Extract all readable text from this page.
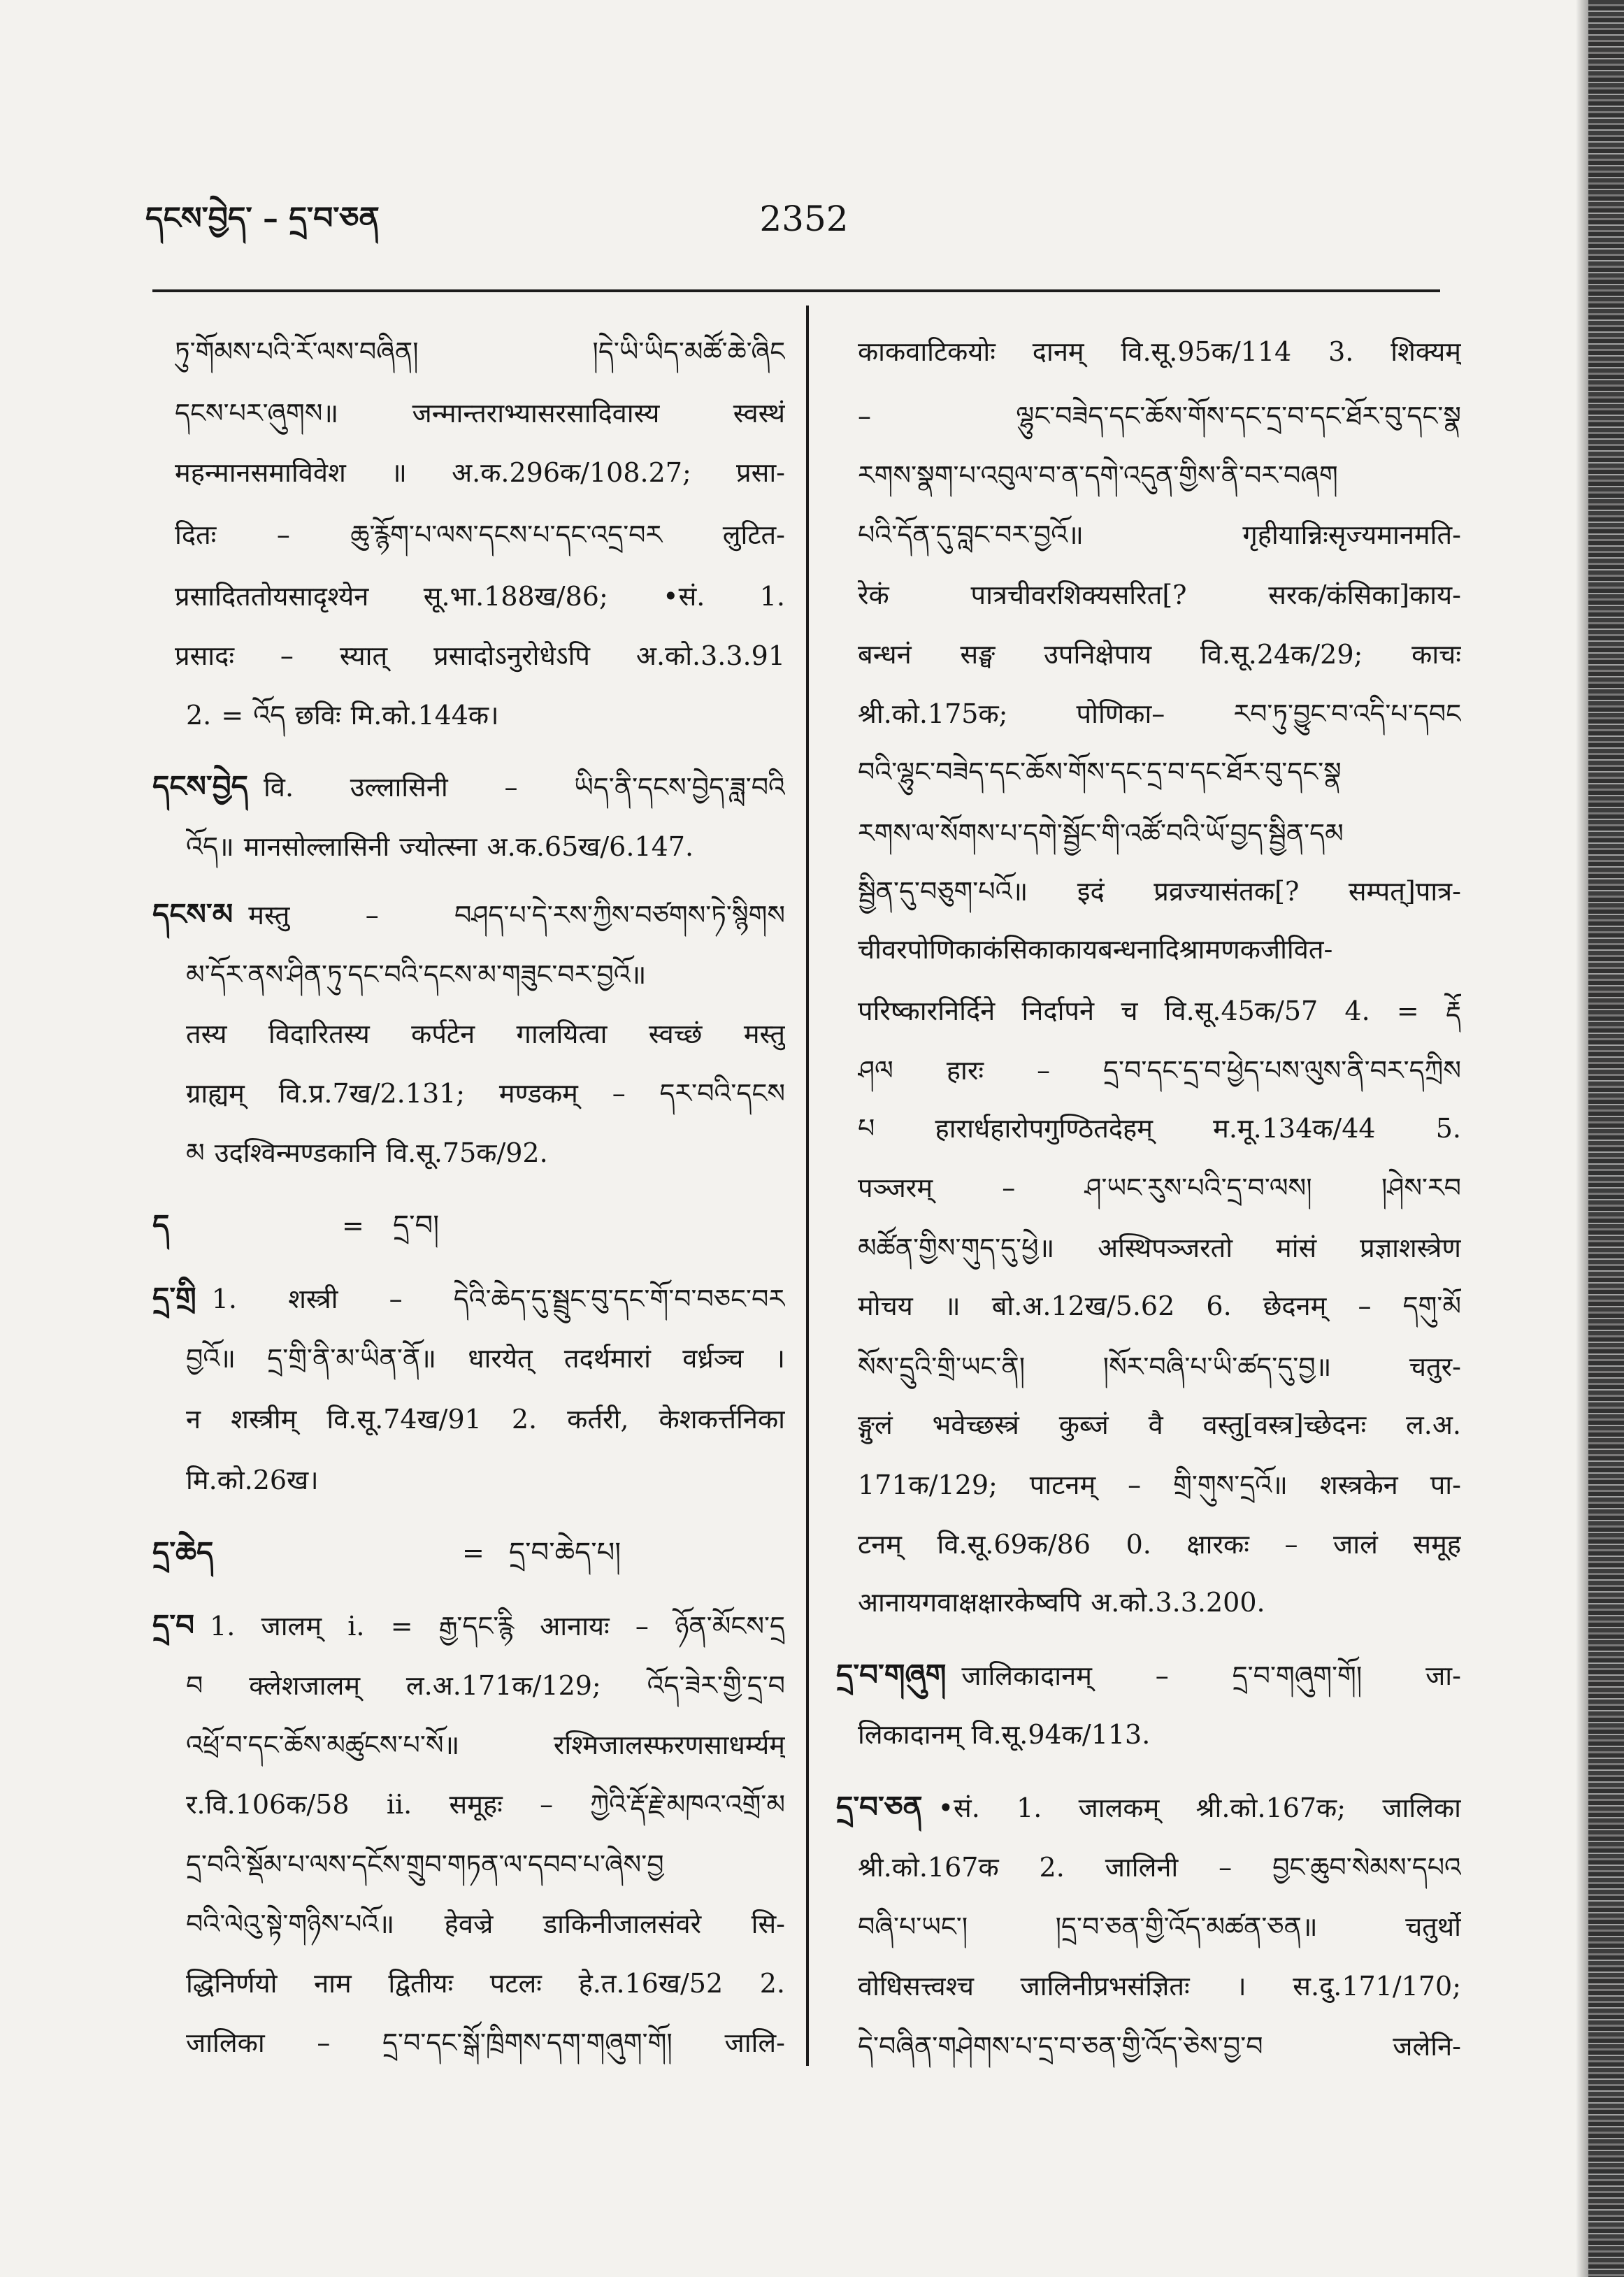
དངས་བྱེད་ – དྲ་བ་ཅན	2352
ཏུ་གོམས་པའི་རོ་ལས་བཞིན། །དེ་ཡི་ཡིད་མཚོ་ཆེ་ཞིང
དངས་པར་ཞུགས॥ जन्मान्तराभ्यासरसादिवास्य स्वस्थं
महन्मानसमाविवेश ॥ अ.क.296क/108.27; प्रसा-
दितः – ཆུ་རྙོག་པ་ལས་དངས་པ་དང་འདྲ་བར लुटित-
प्रसादिततोयसादृश्येन सू.भा.188ख/86; •सं. 1.
प्रसादः – स्यात् प्रसादोऽनुरोधेऽपि अ.को.3.3.91
2. = འོད छविः मि.को.144क।
དངས་བྱེད वि. उल्लासिनी – ཡིད་ནི་དངས་བྱེད་ཟླ་བའི
འོད॥ मानसोल्लासिनी ज्योत्स्ना अ.क.65ख/6.147.
དངས་མ मस्तु – བཤད་པ་དེ་རས་ཀྱིས་བཙགས་ཏེ་སྙིགས
མ་དོར་ནས་ཤིན་ཏུ་དང་བའི་དངས་མ་གཟུང་བར་བྱའོ॥
तस्य विदारितस्य कर्पटेन गालयित्वा स्वच्छं मस्तु
ग्राह्यम् वि.प्र.7ख/2.131; मण्डकम् – དར་བའི་དངས
མ उदश्विन्मण्डकानि वि.सू.75क/92.
ད	= དྲ་བ།
དྲ་གྲི 1. शस्त्री – དེའི་ཆེད་དུ་སྦྲུང་བུ་དང་གོ་བ་བཅང་བར
བྱའོ॥ དྲ་གྲི་ནི་མ་ཡིན་ནོ॥ धारयेत् तदर्थमारां वर्ध्रञ्च ।
न शस्त्रीम् वि.सू.74ख/91 2. कर्तरी, केशकर्त्तनिका
मि.को.26ख।
དྲ་ཆེད	= དྲ་བ་ཆེད་པ།
དྲ་བ 1. जालम् i. = རྒྱ་དང་རྙི आनायः – ཉོན་མོངས་དྲ
བ क्लेशजालम् ल.अ.171क/129; འོད་ཟེར་གྱི་དྲ་བ
འཕྲོ་བ་དང་ཆོས་མཚུངས་པ་སོ॥ रश्मिजालस्फरणसाधर्म्यम्
र.वि.106क/58 ii. समूहः – ཀྱེའི་རྡོ་རྗེ་མཁའ་འགྲོ་མ
དྲ་བའི་སྡོམ་པ་ལས་དངོས་གྲུབ་གཏན་ལ་དབབ་པ་ཞེས་བྱ
བའི་ལེའུ་སྟེ་གཉིས་པའོ॥ हेवज्रे डाकिनीजालसंवरे सि-
द्धिनिर्णयो नाम द्वितीयः पटलः हे.त.16ख/52 2.
जालिका – དྲ་བ་དང་སྒོ་ཁྲིགས་དག་གཞུག་གོ། जालि-
काकवाटिकयोः दानम् वि.सू.95क/114 3. शिक्यम्
– ལྷུང་བཟེད་དང་ཆོས་གོས་དང་དྲ་བ་དང་ཐོར་བུ་དང་སྣ
རགས་སྣག་པ་འབུལ་བ་ན་དགེ་འདུན་གྱིས་ནི་བར་བཞག
པའི་དོན་དུ་བླང་བར་བྱའོ॥ गृहीयान्निःसृज्यमानमति-
रेकं पात्रचीवरशिक्यसरित[? सरक/कंसिका]काय-
बन्धनं सङ्घ उपनिक्षेपाय वि.सू.24क/29; काचः
श्री.को.175क; पोणिका– རབ་ཏུ་བྱུང་བ་འདི་པ་དབང
བའི་ལྷུང་བཟེད་དང་ཆོས་གོས་དང་དྲ་བ་དང་ཐོར་བུ་དང་སྣ
རགས་ལ་སོགས་པ་དགེ་སྦྱོང་གི་འཚོ་བའི་ཡོ་བྱད་སྦྱིན་དམ
སྦྱིན་དུ་བཅུག་པའོ॥ इदं प्रव्रज्यासंतक[? सम्पत्]पात्र-
चीवरपोणिकाकंसिकाकायबन्धनादिश्रामणकजीवित-
परिष्कारनिर्दिने निर्दापने च वि.सू.45क/57 4. = རྡོ
ཤལ हारः – དྲ་བ་དང་དྲ་བ་ཕྱེད་པས་ལུས་ནི་བར་དཀྲིས
པ हारार्धहारोपगुण्ठितदेहम् म.मू.134क/44 5.
पञ्जरम् – ཤ་ཡང་རུས་པའི་དྲ་བ་ལས། །ཤེས་རབ
མཚོན་གྱིས་གུད་དུ་ཕྱེ॥ अस्थिपञ्जरतो मांसं प्रज्ञाशस्त्रेण
मोचय ॥ बो.अ.12ख/5.62 6. छेदनम् – དགུ་མོ
སོས་དྲུའི་གྲི་ཡང་ནི། །སོར་བཞི་པ་ཡི་ཚད་དུ་བྱ॥ चतुर-
ङ्गुलं भवेच्छस्त्रं कुब्जं वै वस्तु[वस्त्र]च्छेदनः ल.अ.
171क/129; पाटनम् – གྲི་གུས་དྲའོ॥ शस्त्रकेन पा-
टनम् वि.सू.69क/86 0. क्षारकः – जालं समूह
आनायगवाक्षक्षारकेष्वपि अ.को.3.3.200.
དྲ་བ་གཞུག जालिकादानम् – དྲ་བ་གཞུག་གོ། जा-
लिकादानम् वि.सू.94क/113.
དྲ་བ་ཅན •सं. 1. जालकम् श्री.को.167क; जालिका
श्री.को.167क 2. जालिनी – བྱང་ཆུབ་སེམས་དཔའ
བཞི་པ་ཡང་། །དྲ་བ་ཅན་གྱི་འོད་མཚན་ཅན॥ चतुर्थो
वोधिसत्त्वश्च जालिनीप्रभसंज्ञितः । स.दु.171/170;
དེ་བཞིན་གཤེགས་པ་དྲ་བ་ཅན་གྱི་འོད་ཅེས་བྱ་བ जलेनि-
